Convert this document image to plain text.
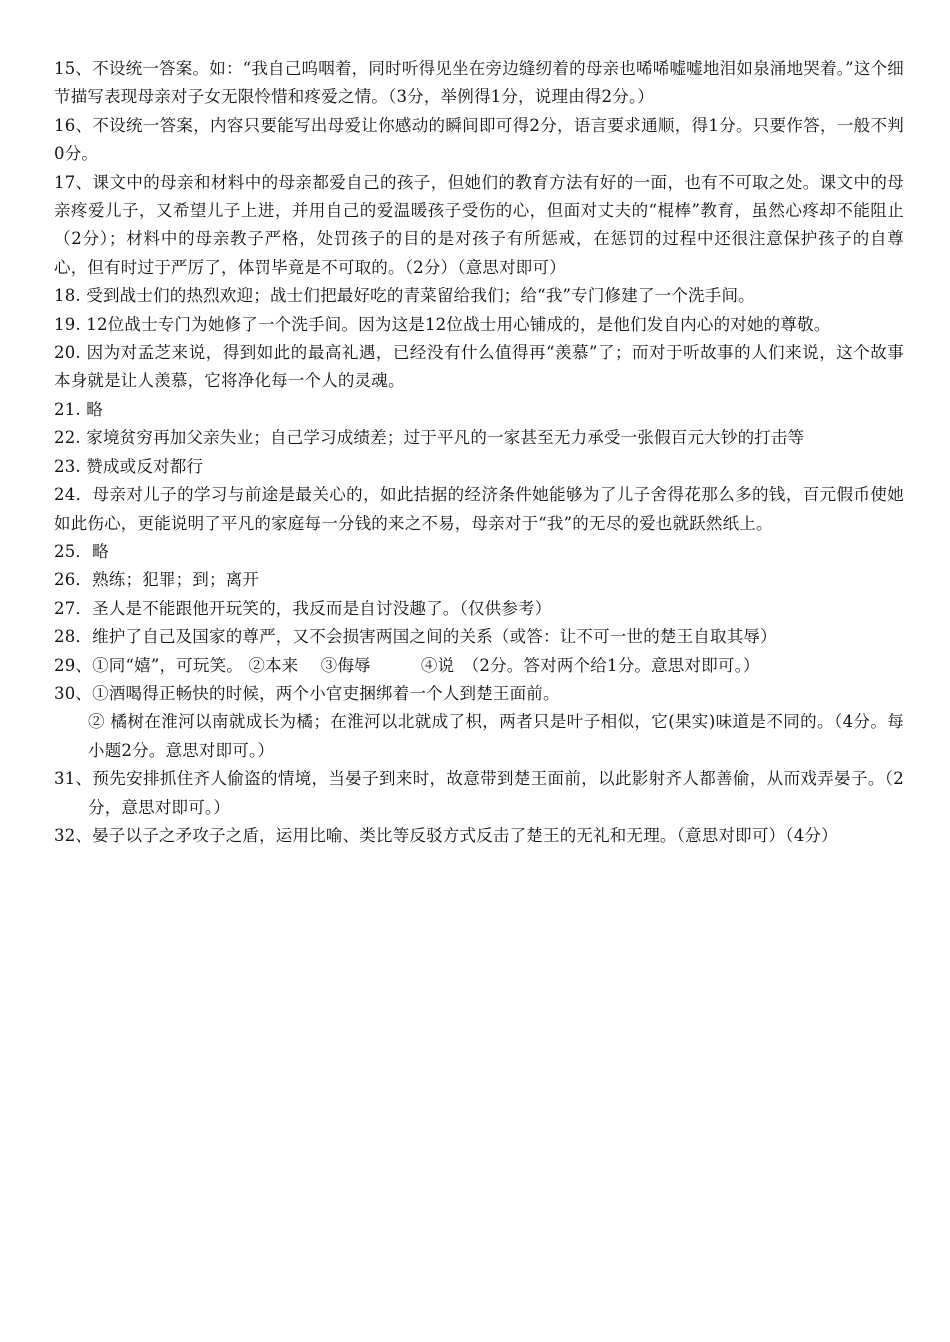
15、不设统一答案。如：“我自己呜咽着，同时听得见坐在旁边缝纫着的母亲也唏唏嘘嘘地泪如泉涌地哭着。”这个细节描写表现母亲对子女无限怜惜和疼爱之情。（3分，举例得1分，说理由得2分。）

16、不设统一答案，内容只要能写出母爱让你感动的瞬间即可得2分，语言要求通顺，得1分。只要作答，一般不判0分。

17、课文中的母亲和材料中的母亲都爱自己的孩子，但她们的教育方法有好的一面，也有不可取之处。课文中的母亲疼爱儿子，又希望儿子上进，并用自己的爱温暖孩子受伤的心，但面对丈夫的“棍棒”教育，虽然心疼却不能阻止（2分）；材料中的母亲教子严格，处罚孩子的目的是对孩子有所惩戒，在惩罚的过程中还很注意保护孩子的自尊心，但有时过于严厉了，体罚毕竟是不可取的。（2分）（意思对即可）

18. 受到战士们的热烈欢迎；战士们把最好吃的青菜留给我们；给“我”专门修建了一个洗手间。

19. 12位战士专门为她修了一个洗手间。因为这是12位战士用心铺成的，是他们发自内心的对她的尊敬。

20. 因为对孟芝来说，得到如此的最高礼遇，已经没有什么值得再“羡慕”了；而对于听故事的人们来说，这个故事本身就是让人羡慕，它将净化每一个人的灵魂。

21. 略

22. 家境贫穷再加父亲失业；自己学习成绩差；过于平凡的一家甚至无力承受一张假百元大钞的打击等

23. 赞成或反对都行

24．母亲对儿子的学习与前途是最关心的，如此拮据的经济条件她能够为了儿子舍得花那么多的钱，百元假币使她如此伤心，更能说明了平凡的家庭每一分钱的来之不易，母亲对于“我”的无尽的爱也就跃然纸上。

25．略

26．熟练；犯罪；到；离开

27．圣人是不能跟他开玩笑的，我反而是自讨没趣了。（仅供参考）

28．维护了自己及国家的尊严，又不会损害两国之间的关系（或答：让不可一世的楚王自取其辱）

29、①同“嬉”，可玩笑。 ②本来　 ③侮辱　　　④说　（2分。答对两个给1分。意思对即可。）

30、①酒喝得正畅快的时候，两个小官吏捆绑着一个人到楚王面前。

② 橘树在淮河以南就成长为橘；在淮河以北就成了枳，两者只是叶子相似，它(果实)味道是不同的。（4分。每小题2分。意思对即可。）

31、预先安排抓住齐人偷盗的情境，当晏子到来时，故意带到楚王面前，以此影射齐人都善偷，从而戏弄晏子。（2分，意思对即可。）

32、晏子以子之矛攻子之盾，运用比喻、类比等反驳方式反击了楚王的无礼和无理。（意思对即可）（4分）
